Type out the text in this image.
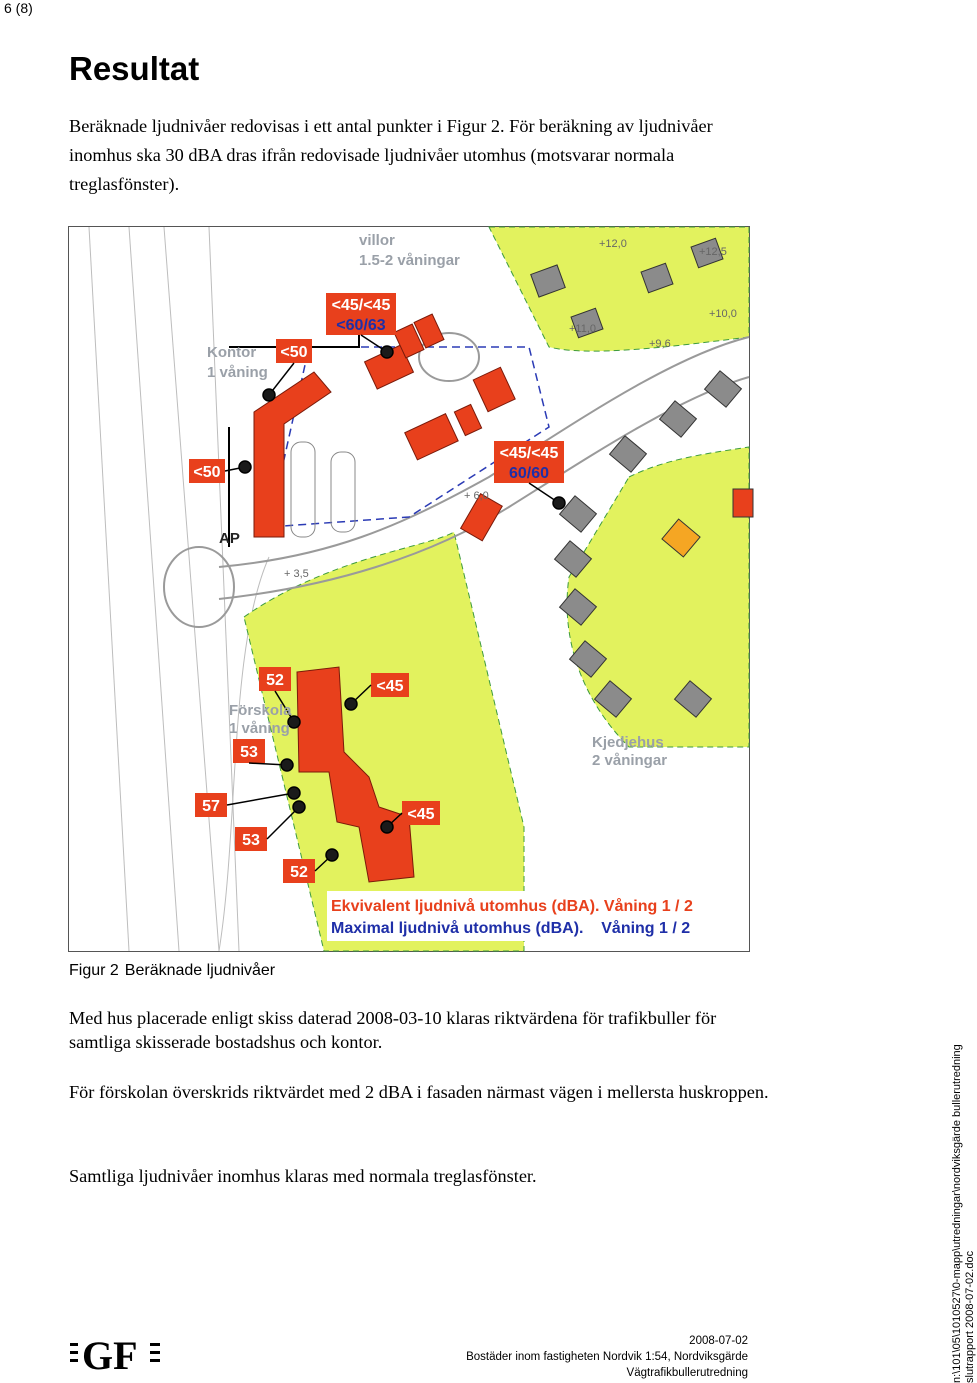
6 (8)
Resultat

Beräknade ljudnivåer redovisas i ett antal punkter i Figur 2. För beräkning av ljudnivåer inomhus ska 30 dBA dras ifrån redovisade ljudnivåer utomhus (motsvarar normala treglasfönster).

<45/<45
<60/63
<50
<50
<45/<45
60/60
52	<45
53
57
53
52
<45
villor
1.5-2 våningar
Kontor
1 våning
Förskola
1 våning
Kjedjehus
2 våningar
AP
+ 3,5
+ 6,0
+9,6
+10,0
+12,0
+12,5
+11,0
Ekvivalent ljudnivå utomhus (dBA). Våning 1 / 2
Maximal ljudnivå utomhus (dBA).    Våning 1 / 2
Figur 2 Beräknade ljudnivåer

Med hus placerade enligt skiss daterad 2008-03-10 klaras riktvärdena för trafikbuller för samtliga skisserade bostadshus och kontor.

För förskolan överskrids riktvärdet med 2 dBA i fasaden närmast vägen i mellersta huskroppen.

Samtliga ljudnivåer inomhus klaras med normala treglasfönster.

GF	2008-07-02
Bostäder inom fastigheten Nordvik 1:54, Nordviksgärde
Vägtrafikbullerutredning	n:\101\05\1010527\0-mapp\utredningar\nordviksgärde bullerutredning slutrapport 2008-07-02.doc
